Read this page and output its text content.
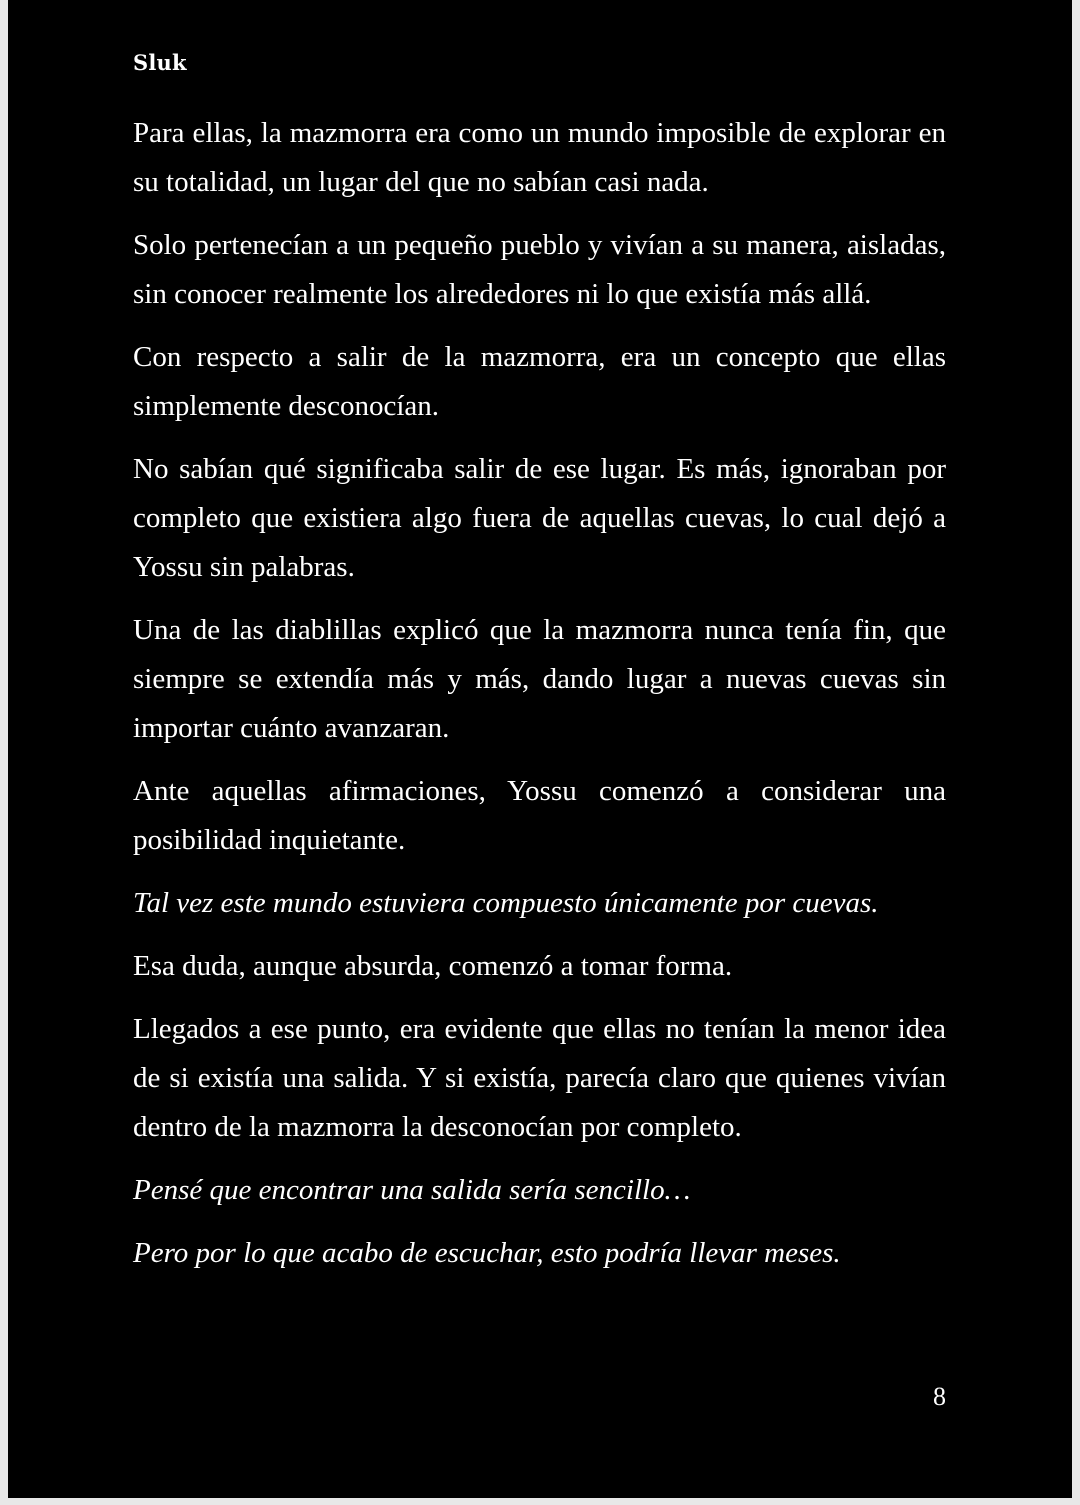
Sluk

Para ellas, la mazmorra era como un mundo imposible de explorar en su totalidad, un lugar del que no sabían casi nada.

Solo pertenecían a un pequeño pueblo y vivían a su manera, aisladas, sin conocer realmente los alrededores ni lo que existía más allá.

Con respecto a salir de la mazmorra, era un concepto que ellas simplemente desconocían.

No sabían qué significaba salir de ese lugar. Es más, ignoraban por completo que existiera algo fuera de aquellas cuevas, lo cual dejó a Yossu sin palabras.

Una de las diablillas explicó que la mazmorra nunca tenía fin, que siempre se extendía más y más, dando lugar a nuevas cuevas sin importar cuánto avanzaran.

Ante aquellas afirmaciones, Yossu comenzó a considerar una posibilidad inquietante.

Tal vez este mundo estuviera compuesto únicamente por cuevas.

Esa duda, aunque absurda, comenzó a tomar forma.

Llegados a ese punto, era evidente que ellas no tenían la menor idea de si existía una salida. Y si existía, parecía claro que quienes vivían dentro de la mazmorra la desconocían por completo.

Pensé que encontrar una salida sería sencillo…

Pero por lo que acabo de escuchar, esto podría llevar meses.

8
